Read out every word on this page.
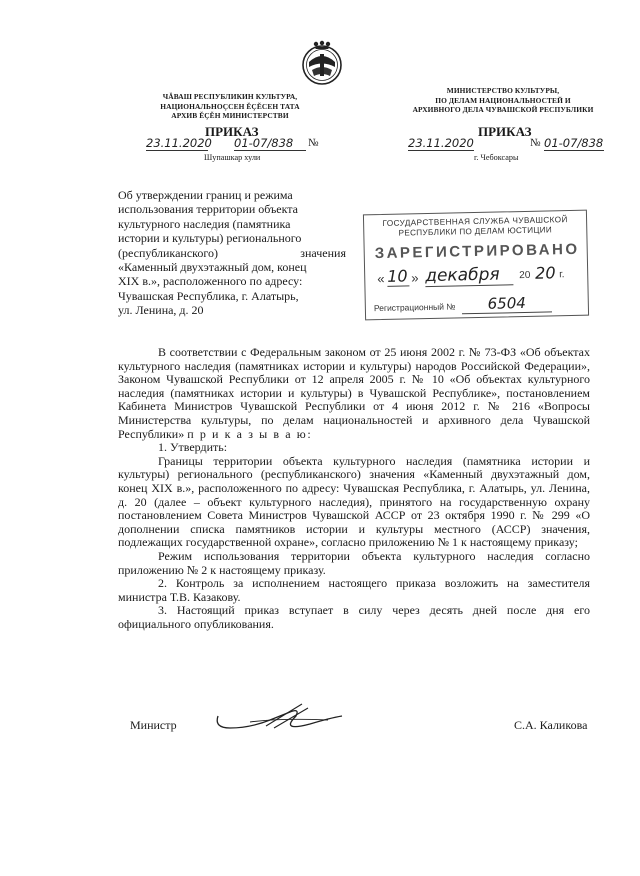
ЧĂВАШ РЕСПУБЛИКИН КУЛЬТУРА,
НАЦИОНАЛЬНОÇСЕН ĔÇĔСЕН ТАТА
АРХИВ ĔÇĔН МИНИСТЕРСТВИ
МИНИСТЕРСТВО КУЛЬТУРЫ,
ПО ДЕЛАМ НАЦИОНАЛЬНОСТЕЙ И
АРХИВНОГО ДЕЛА ЧУВАШСКОЙ РЕСПУБЛИКИ
ПРИКАЗ
23.11.2020 01-07/838	№
Шупашкар хули
ПРИКАЗ
23.11.2020	№ 01-07/838
г. Чебоксары

Об утверждении границ и режима

использования территории объекта

культурного наследия (памятника

истории и культуры) регионального

(республиканского) значения

«Каменный двухэтажный дом, конец

XIX в.», расположенного по адресу:

Чувашская Республика, г. Алатырь,

ул. Ленина, д. 20

ГОСУДАРСТВЕННАЯ СЛУЖБА ЧУВАШСКОЙ
РЕСПУБЛИКИ ПО ДЕЛАМ ЮСТИЦИИ
ЗАРЕГИСТРИРОВАНО
« 10 » декабря	20 20 г.
Регистрационный № 6504

В соответствии с Федеральным законом от 25 июня 2002 г. № 73-ФЗ «Об объектах культурного наследия (памятниках истории и культуры) народов Российской Федерации», Законом Чувашской Республики от 12 апреля 2005 г. № 10 «Об объектах культурного наследия (памятниках истории и культуры) в Чувашской Республике», постановлением Кабинета Министров Чувашской Республики от 4 июня 2012 г. № 216 «Вопросы Министерства культуры, по делам национальностей и архивного дела Чувашской Республики» п р и к а з ы в а ю:

1. Утвердить:

Границы территории объекта культурного наследия (памятника истории и культуры) регионального (республиканского) значения «Каменный двухэтажный дом, конец XIX в.», расположенного по адресу: Чувашская Республика, г. Алатырь, ул. Ленина, д. 20 (далее – объект культурного наследия), принятого на государственную охрану постановлением Совета Министров Чувашской АССР от 23 октября 1990 г. № 299 «О дополнении списка памятников истории и культуры местного (АССР) значения, подлежащих государственной охране», согласно приложению № 1 к настоящему приказу;

Режим использования территории объекта культурного наследия согласно приложению № 2 к настоящему приказу.

2. Контроль за исполнением настоящего приказа возложить на заместителя министра Т.В. Казакову.

3. Настоящий приказ вступает в силу через десять дней после дня его официального опубликования.

Министр	С.А. Каликова
